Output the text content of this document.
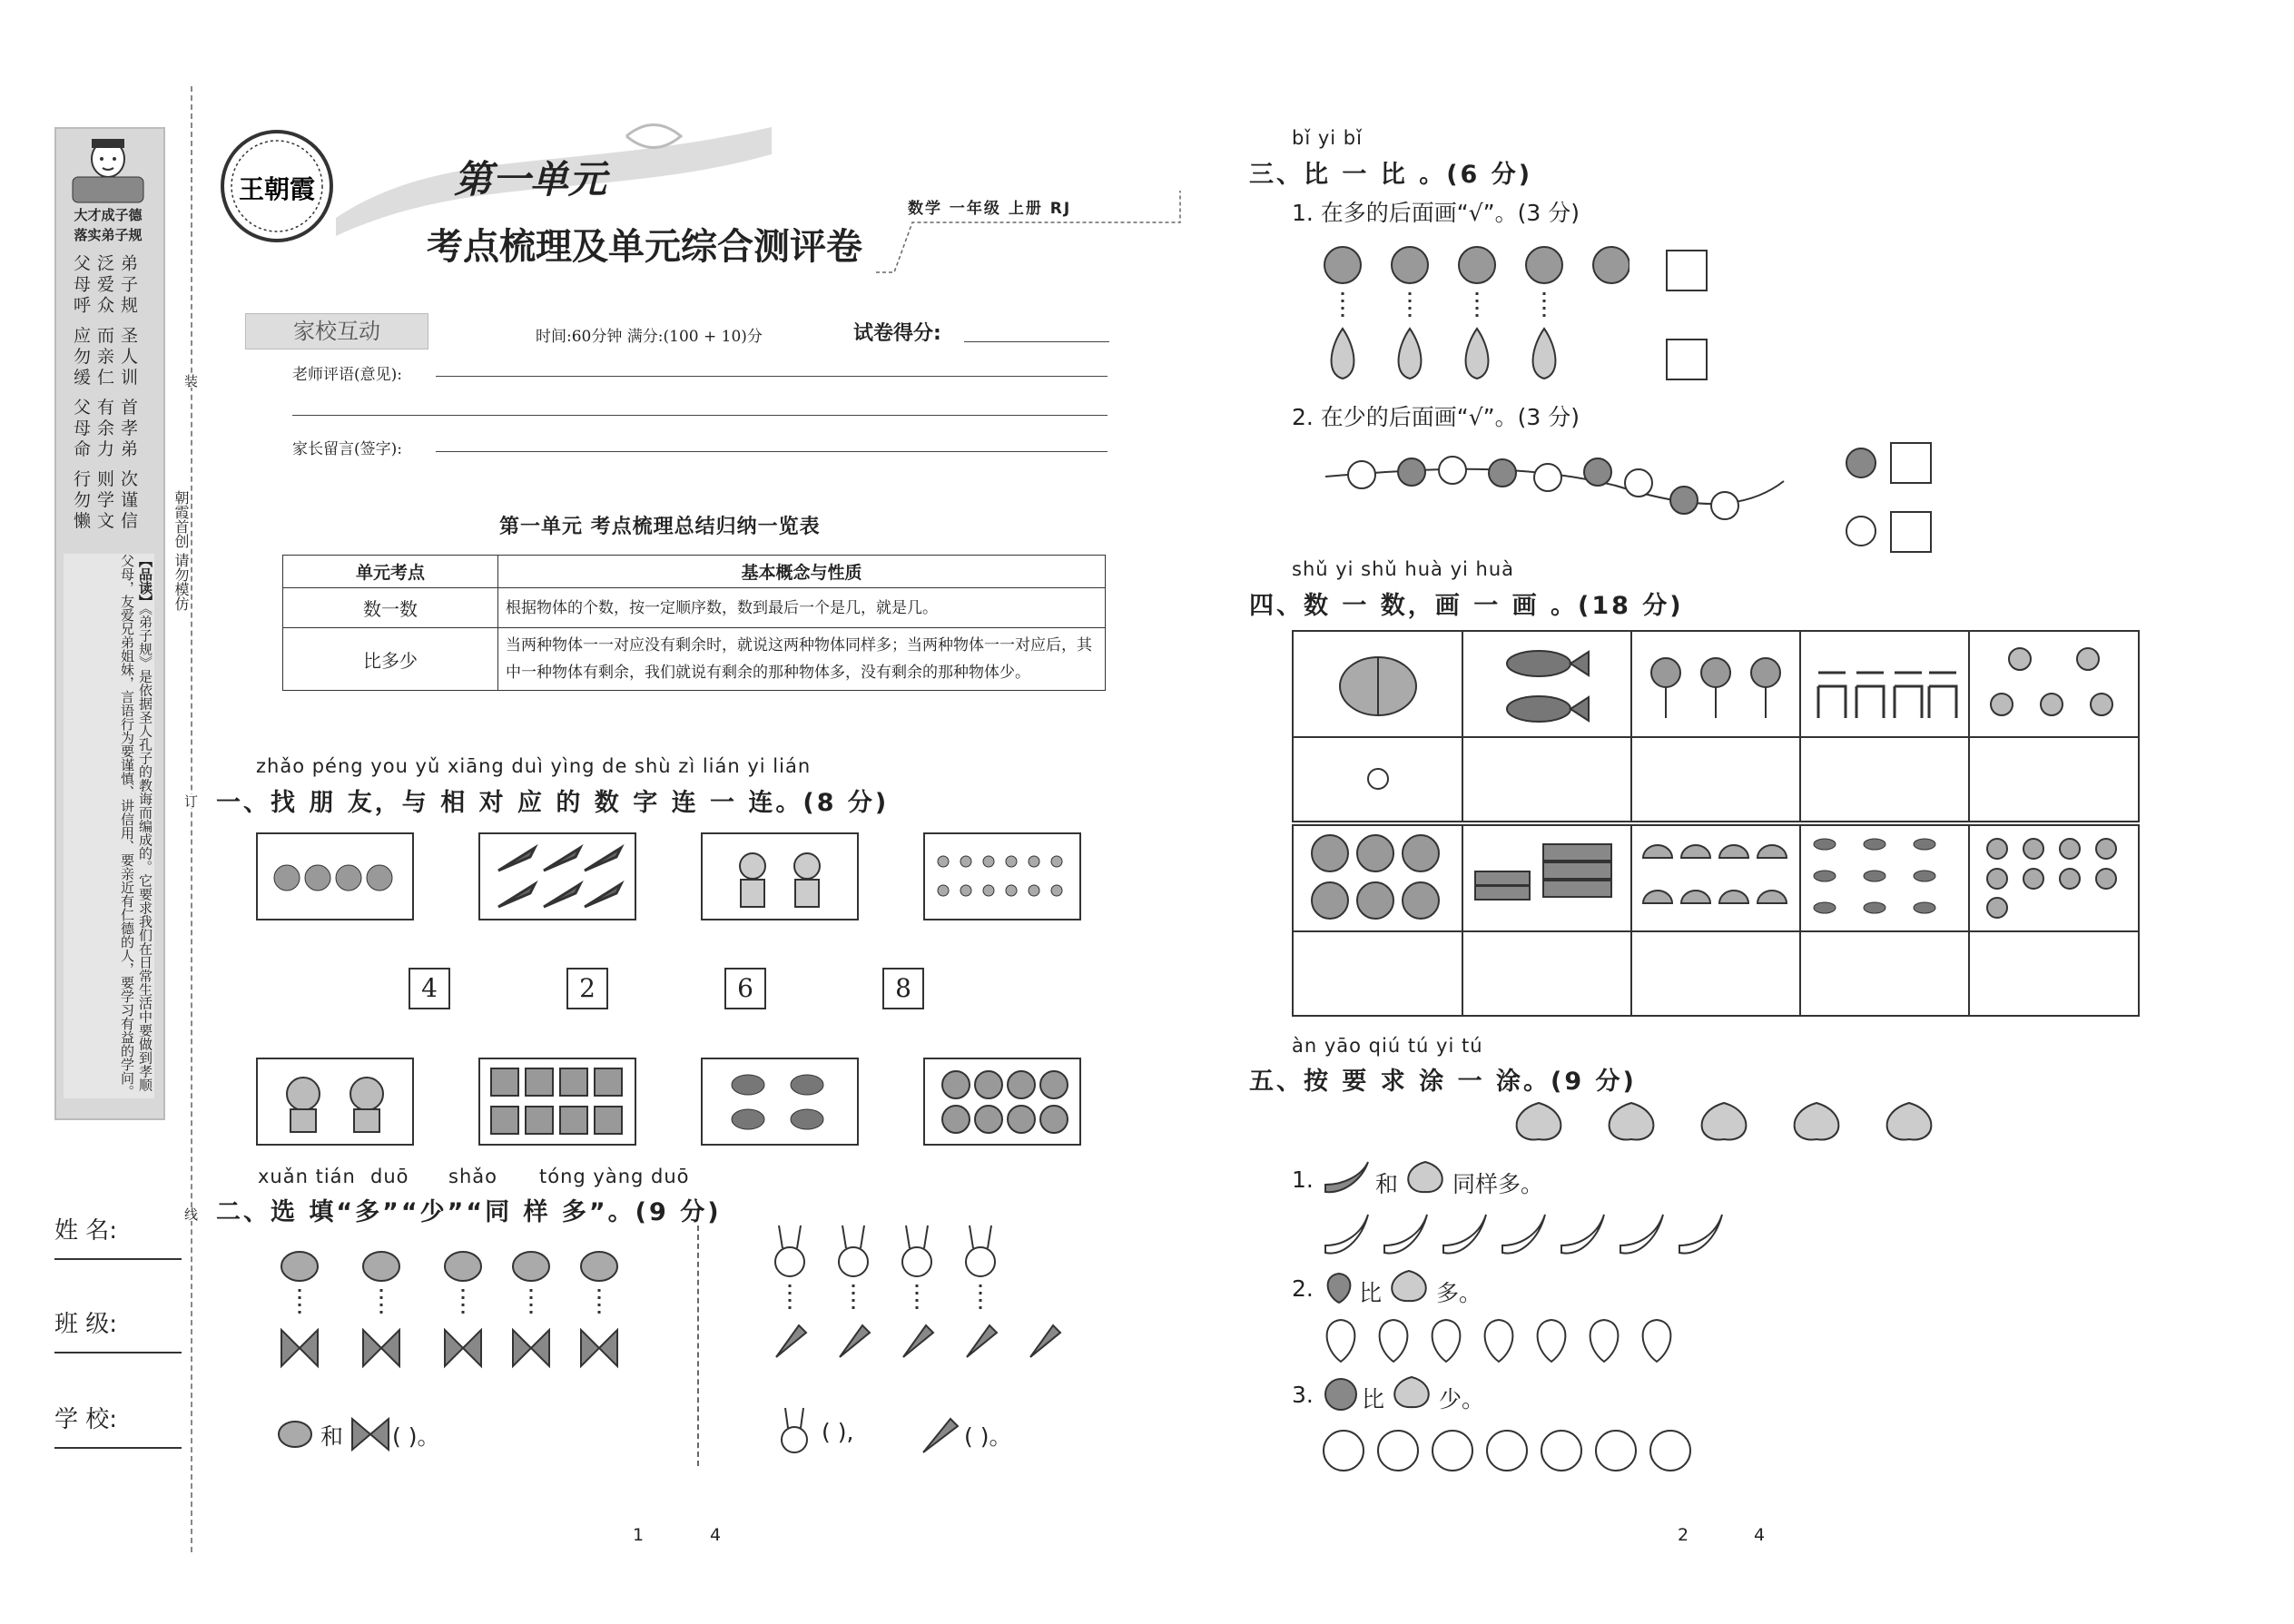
大才成子德
落实弟子规
弟子规 圣人训 首孝弟 次谨信 泛爱众 而亲仁 有余力 则学文 父母呼 应勿缓 父母命 行勿懒
【品读】《弟子规》是依据圣人孔子的教诲而编成的。它要求我们在日常生活中要做到孝顺父母，友爱兄弟姐妹，言语行为要谨慎、讲信用、要亲近有仁德的人，要学习有益的学问。
姓 名:
班 级:
学 校:
装
订
线
朝霞首创 请勿模仿
王朝霞	第一单元
考点梳理及单元综合测评卷
数学 一年级 上册 RJ
家校互动	时间:60分钟 满分:(100 + 10)分	试卷得分:
老师评语(意见):
家长留言(签字):
第一单元 考点梳理总结归纳一览表
单元考点	基本概念与性质
数一数	根据物体的个数，按一定顺序数，数到最后一个是几，就是几。
比多少	当两种物体一一对应没有剩余时，就说这两种物体同样多；当两种物体一一对应后，其中一种物体有剩余，我们就说有剩余的那种物体多，没有剩余的那种物体少。
zhǎo péng you yǔ xiāng duì yìng de shù zì lián yi lián
一、找 朋 友，与 相 对 应 的 数 字 连 一 连。(8 分)
4	2	6	8
xuǎn tián duō shǎo tóng yàng duō
二、选 填“多”“少”“同 样 多”。(9 分)
和 ( )。	( ),	( )。
1	4
bǐ yi bǐ
三、比 一 比 。(6 分)
1. 在多的后面画“√”。(3 分)
2. 在少的后面画“√”。(3 分)
shǔ yi shǔ huà yi huà
四、数 一 数，画 一 画 。(18 分)
àn yāo qiú tú yi tú
五、按 要 求 涂 一 涂。(9 分)
1.	和 同样多。
2. 比 多。
3. 比 少。
2	4
